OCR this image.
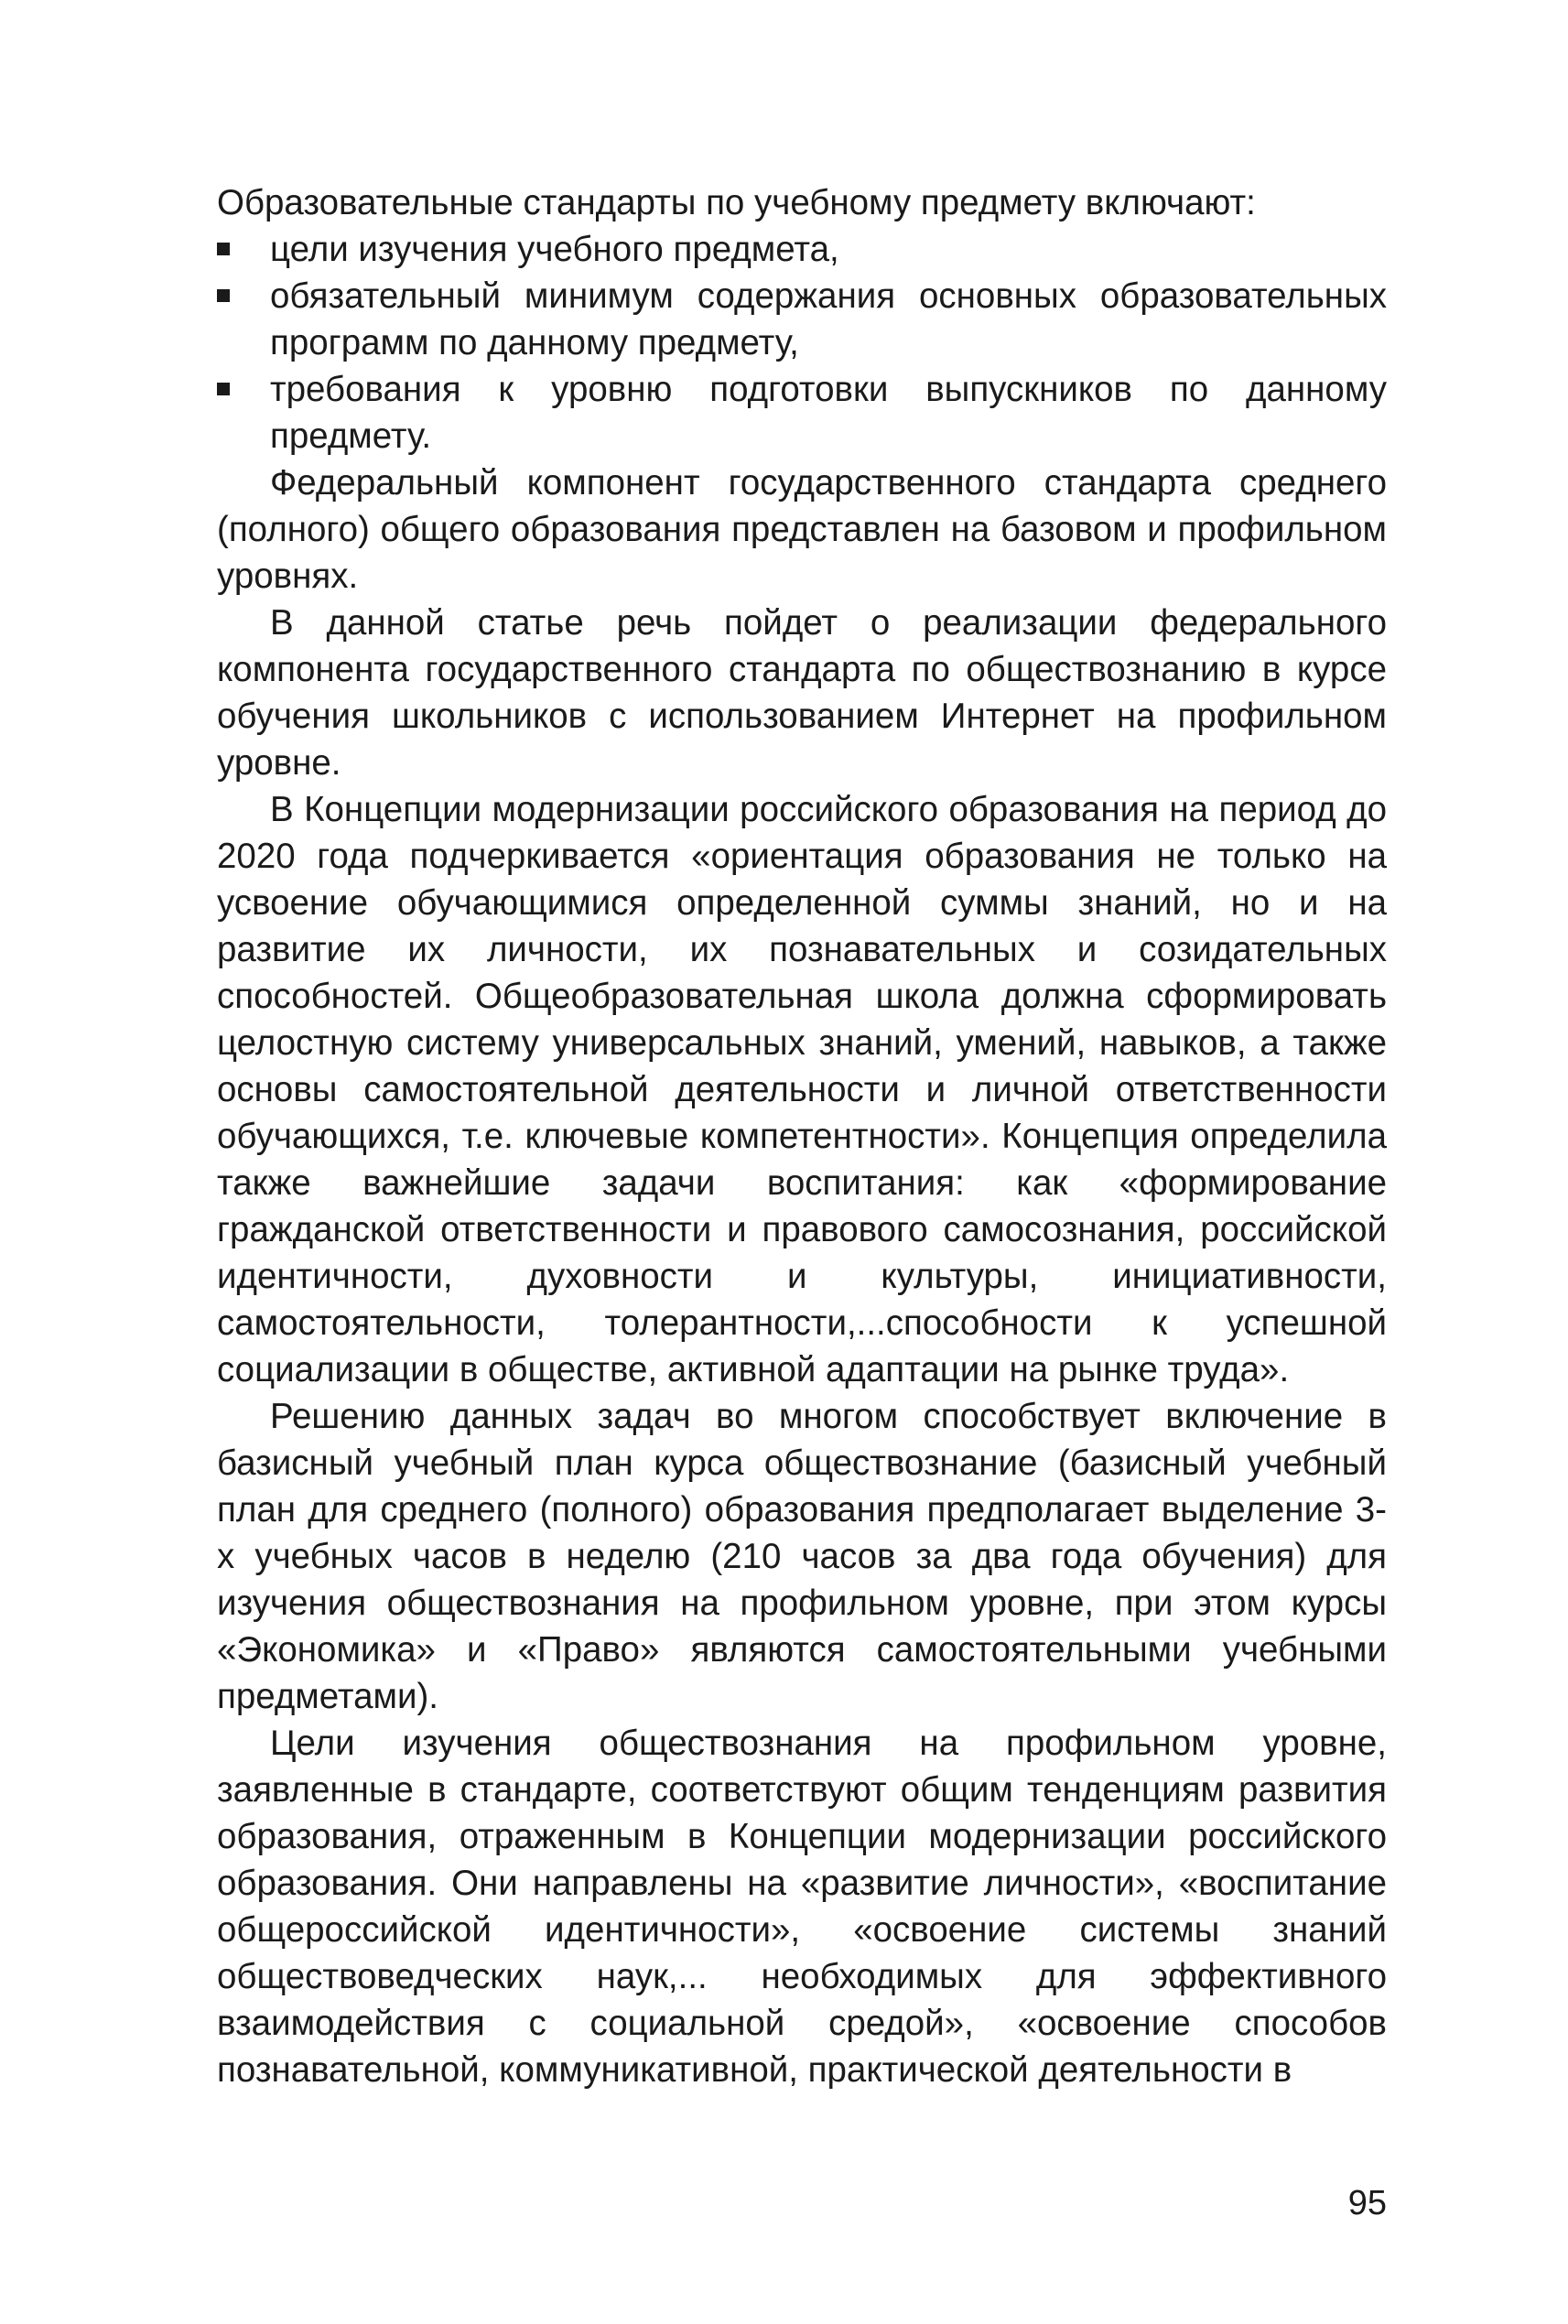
Образовательные стандарты по учебному предмету включают:

цели изучения учебного предмета,
обязательный минимум содержания основных образовательных программ по данному предмету,
требования к уровню подготовки выпускников по данному предмету.

Федеральный компонент государственного стандарта среднего (полного) общего образования представлен на базовом и профильном уровнях.

В данной статье речь пойдет о реализации федерального компонента государственного стандарта по обществознанию в курсе обучения школьников с использованием Интернет на профильном уровне.

В Концепции модернизации российского образования на период до 2020 года подчеркивается «ориентация образования не только на усвоение обучающимися определенной суммы знаний, но и на развитие их личности, их познавательных и созидательных способностей. Общеобразовательная школа должна сформировать целостную систему универсальных знаний, умений, навыков, а также основы самостоятельной деятельности и личной ответственности обучающихся, т.е. ключевые компетентности». Концепция определила также важнейшие задачи воспитания: как «формирование гражданской ответственности и правового самосознания, российской идентичности, духовности и культуры, инициативности, самостоятельности, толерантности,...способности к успешной социализации в обществе, активной адаптации на рынке труда».

Решению данных задач во многом способствует включение в базисный учебный план курса обществознание (базисный учебный план для среднего (полного) образования предполагает выделение 3-х учебных часов в неделю (210 часов за два года обучения) для изучения обществознания на профильном уровне, при этом курсы «Экономика» и «Право» являются самостоятельными учебными предметами).

Цели изучения обществознания на профильном уровне, заявленные в стандарте, соответствуют общим тенденциям развития образования, отраженным в Концепции модернизации российского образования. Они направлены на «развитие личности», «воспитание общероссийской идентичности», «освоение системы знаний обществоведческих наук,... необходимых для эффективного взаимодействия с социальной средой», «освоение способов познавательной, коммуникативной, практической деятельности в

95
